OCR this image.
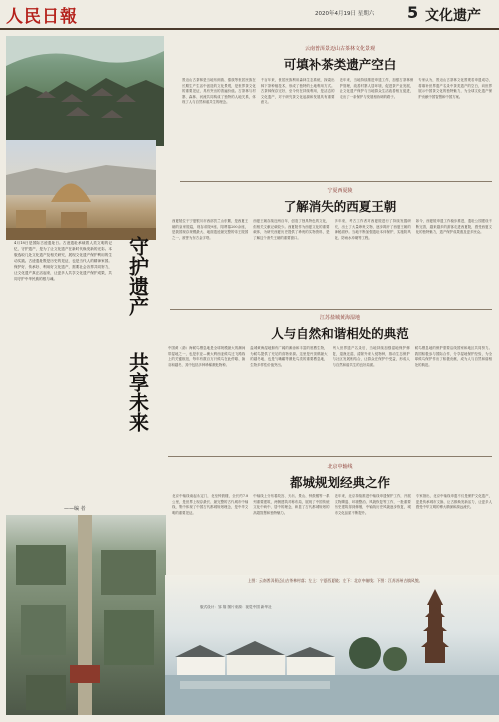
人民日報	2020年4月19日 星期六 5 文化遗产
守护遗产
共享未来
4月18日是国际古迹遗址日。古迹遗址承载着人类文明的记忆，守护遗产，是为了让文化遗产在新时代焕发新的光彩。本版选取几处文化遗产及相关研究，展现文化遗产保护利用的生动实践。古迹遗址既是历史的见证，也是当代人的精神家园。保护好、传承好、利用好文化遗产，需要社会各界共同努力，让文化遗产真正活起来，让更多人共享文化遗产保护成果，共同守护中华民族的根与魂。
——编 者
云南普洱景迈山古茶林文化景观
可填补茶类遗产空白
景迈山古茶林是当地布朗族、傣族等世居民族在长期生产生活中创造的文化景观，是世界茶文化的重要见证，具有突出的普遍价值。古茶林与村寨、森林、河流共同构成了独特的人地关系，体现了人与自然和谐共生的理念。
千百年来，世居民族利用森林生态系统，探索出林下茶种植技术，形成了独特的土地利用方式。古茶林保存完好，至今仍在持续利用，是活态的文化遗产，对于研究茶文化起源和发展具有重要意义。
近年来，当地持续推进申遗工作，加强古茶林保护管理，改善村寨人居环境，促进茶产业发展，让文化遗产保护与当地群众生活改善相互促进，走出了一条保护与发展相协调的路子。
专家认为，景迈山古茶林文化景观若申遗成功，将填补世界遗产名录中茶类遗产的空白，向世界展示中国茶文化的独特魅力，为全球文化遗产保护贡献中国智慧和中国方案。
宁夏西夏陵
了解消失的西夏王朝
西夏陵位于宁夏银川市西部贺兰山东麓，是西夏王朝的皇家陵寝，现存帝陵9座、陪葬墓200余座，是我国现存规模最大、地面遗迹最完整的帝王陵园之一，被誉为东方金字塔。
西夏王朝存续近两百年，创造了独具特色的文化，但相关文献记载较少。西夏陵作为西夏文化的重要载体，为研究西夏历史提供了珍贵的实物资料，是了解这个消失王朝的重要窗口。
多年来，考古工作者对西夏陵进行了持续发掘研究，出土了大量珍贵文物，逐步揭开了西夏王朝的神秘面纱。当地不断加强遗址本体保护，实施防风化、防雨水冲刷等工程。
如今，西夏陵申遗工作稳步推进，遗址公园建设不断完善，越来越多的游客走进西夏陵，感受西夏文化的独特魅力，遗产保护成果惠及更多民众。
江苏盐城黄海湿地
人与自然和谐相处的典范
中国黄（渤）海候鸟栖息地是全球规模最大的潮间带湿地之一，也是东亚—澳大利西亚候鸟迁飞路线上的关键枢纽，每年有数百万只候鸟在此停歇、换羽和越冬，其中包括多种珍稀濒危物种。
盐城黄海湿地拥有广阔的滩涂和丰富的底栖生物，为候鸟提供了充足的食物来源。这里是丹顶鹤最大的越冬地，也是勺嘴鹬等濒危鸟类的重要栖息地，生物多样性价值突出。
列入世界遗产名录后，当地持续加强湿地保护修复，退渔还湿、清除外来入侵物种，推动生态保护与社区发展相结合，让群众在保护中受益，形成人与自然和谐共生的良好局面。
候鸟栖息地的保护需要沿线国家和地区共同努力。我国积极参与国际合作，分享湿地保护经验，为全球候鸟保护作出了积极贡献，成为人与自然和谐相处的典范。
北京中轴线
都城规划经典之作
北京中轴线南起永定门，北至钟鼓楼，全长约7.8公里，是世界上现存最长、最完整的古代城市中轴线，集中体现了中国古代都城规划理念，是中华文明的重要见证。
中轴线上分布着故宫、天坛、景山、钟鼓楼等一系列重要建筑，两侧建筑对称布局，展现了中国传统文化中尚中、居中的理念，彰显了古代都城规划的高超智慧和独特魅力。
近年来，北京持续推进中轴线申遗保护工作，开展文物腾退、环境整治、风貌恢复等工作，一批重要历史建筑得到修缮，中轴线历史风貌逐步恢复，城市文化品质不断提升。
专家指出，北京中轴线申遗不仅是保护文化遗产，更是传承城市文脉，让古都焕发新活力，让更多人感受中华文明的博大精深和源远流长。
上图：云南普洱景迈山古茶林村落；左上：宁夏西夏陵；左下：北京中轴线；下图：江苏苏州古镇风貌。
版式设计：邹 翔 图片来源：视觉中国 新华社
